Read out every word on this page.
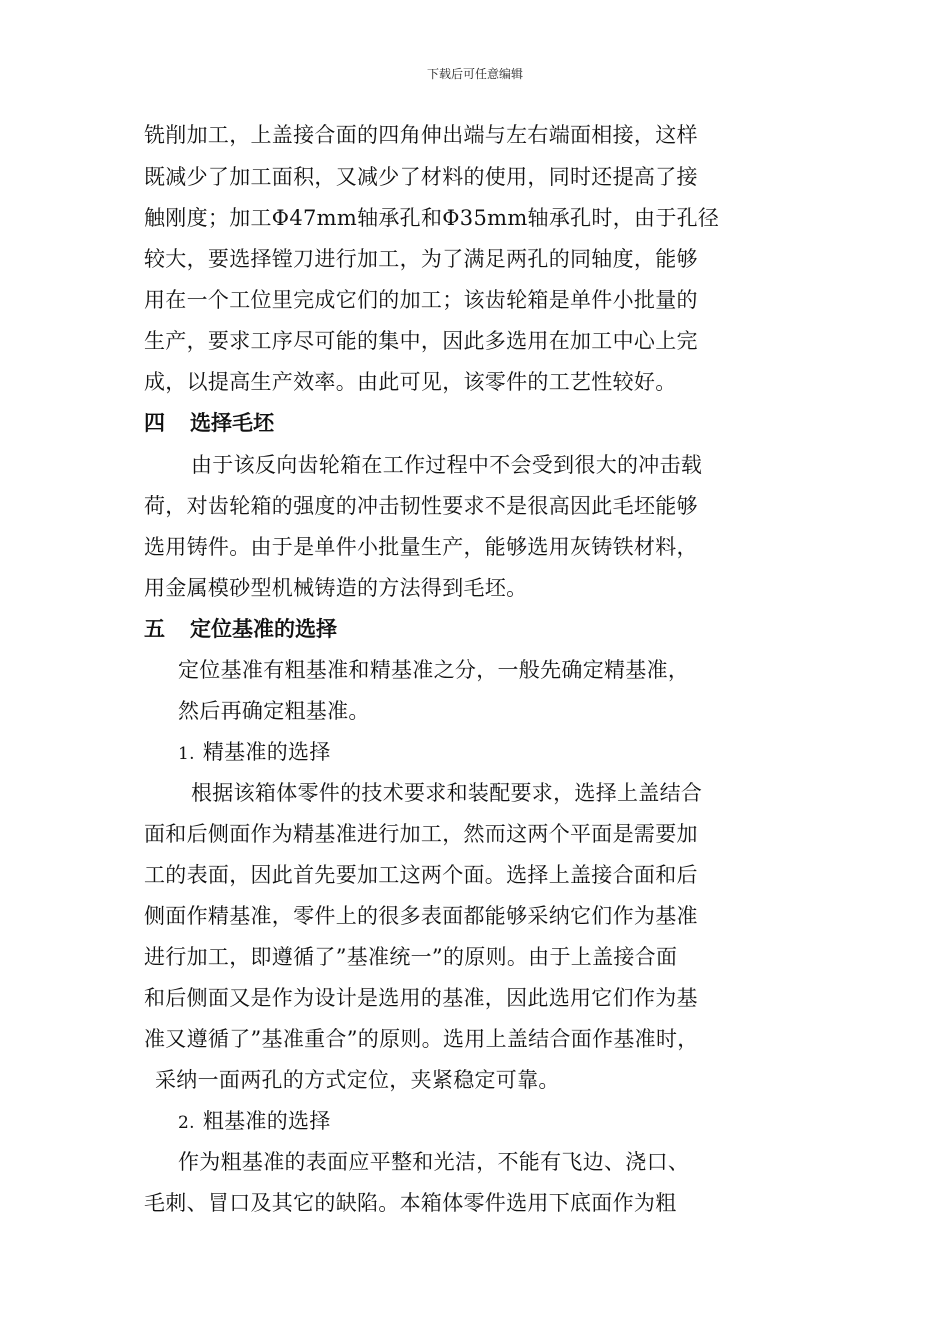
下载后可任意编辑
铣削加工，上盖接合面的四角伸出端与左右端面相接，这样
既减少了加工面积，又减少了材料的使用，同时还提高了接
触刚度；加工Φ47mm轴承孔和Φ35mm轴承孔时，由于孔径
较大，要选择镗刀进行加工，为了满足两孔的同轴度，能够
用在一个工位里完成它们的加工；该齿轮箱是单件小批量的
生产，要求工序尽可能的集中，因此多选用在加工中心上完
成，以提高生产效率。由此可见，该零件的工艺性较好。
四 选择毛坯
由于该反向齿轮箱在工作过程中不会受到很大的冲击载
荷，对齿轮箱的强度的冲击韧性要求不是很高因此毛坯能够
选用铸件。由于是单件小批量生产，能够选用灰铸铁材料，
用金属模砂型机械铸造的方法得到毛坯。
五 定位基准的选择
定位基准有粗基准和精基准之分，一般先确定精基准，
然后再确定粗基准。
1. 精基准的选择
根据该箱体零件的技术要求和装配要求，选择上盖结合
面和后侧面作为精基准进行加工，然而这两个平面是需要加
工的表面，因此首先要加工这两个面。选择上盖接合面和后
侧面作精基准，零件上的很多表面都能够采纳它们作为基准
进行加工，即遵循了”基准统一”的原则。由于上盖接合面
和后侧面又是作为设计是选用的基准，因此选用它们作为基
准又遵循了”基准重合”的原则。选用上盖结合面作基准时，
采纳一面两孔的方式定位，夹紧稳定可靠。
2. 粗基准的选择
作为粗基准的表面应平整和光洁，不能有飞边、浇口、
毛刺、冒口及其它的缺陷。本箱体零件选用下底面作为粗
